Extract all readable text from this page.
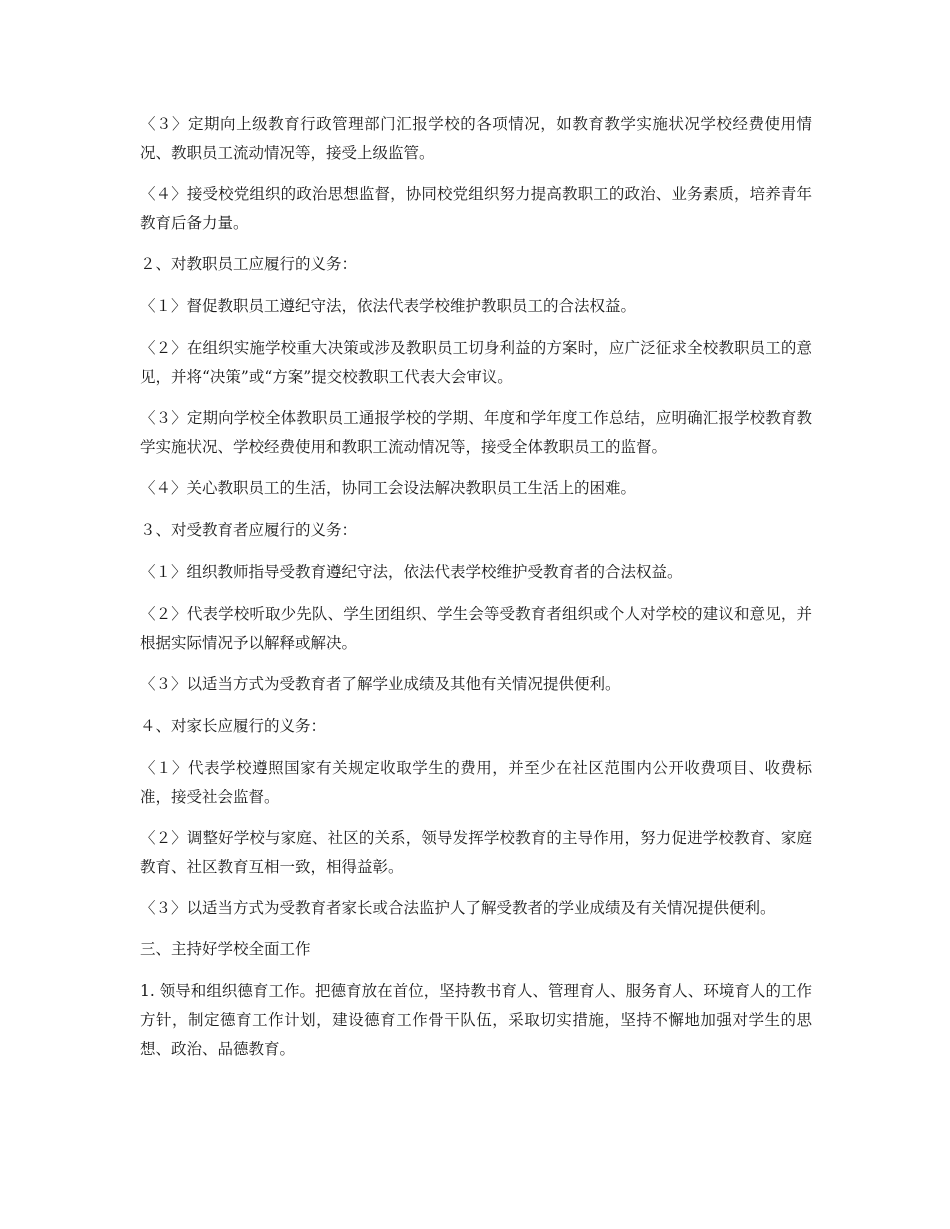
〈３〉定期向上级教育行政管理部门汇报学校的各项情况，如教育教学实施状况学校经费使用情况、教职员工流动情况等，接受上级监管。

〈４〉接受校党组织的政治思想监督，协同校党组织努力提高教职工的政治、业务素质，培养青年教育后备力量。

２、对教职员工应履行的义务：

〈１〉督促教职员工遵纪守法，依法代表学校维护教职员工的合法权益。

〈２〉在组织实施学校重大决策或涉及教职员工切身利益的方案时，应广泛征求全校教职员工的意见，并将“决策”或“方案”提交校教职工代表大会审议。

〈３〉定期向学校全体教职员工通报学校的学期、年度和学年度工作总结，应明确汇报学校教育教学实施状况、学校经费使用和教职工流动情况等，接受全体教职员工的监督。

〈４〉关心教职员工的生活，协同工会设法解决教职员工生活上的困难。

３、对受教育者应履行的义务：

〈１〉组织教师指导受教育遵纪守法，依法代表学校维护受教育者的合法权益。

〈２〉代表学校听取少先队、学生团组织、学生会等受教育者组织或个人对学校的建议和意见，并根据实际情况予以解释或解决。

〈３〉以适当方式为受教育者了解学业成绩及其他有关情况提供便利。

４、对家长应履行的义务：

〈１〉代表学校遵照国家有关规定收取学生的费用，并至少在社区范围内公开收费项目、收费标准，接受社会监督。

〈２〉调整好学校与家庭、社区的关系，领导发挥学校教育的主导作用，努力促进学校教育、家庭教育、社区教育互相一致，相得益彰。

〈３〉以适当方式为受教育者家长或合法监护人了解受教者的学业成绩及有关情况提供便利。

三、主持好学校全面工作

1. 领导和组织德育工作。把德育放在首位，坚持教书育人、管理育人、服务育人、环境育人的工作方针，制定德育工作计划，建设德育工作骨干队伍，采取切实措施，坚持不懈地加强对学生的思想、政治、品德教育。
